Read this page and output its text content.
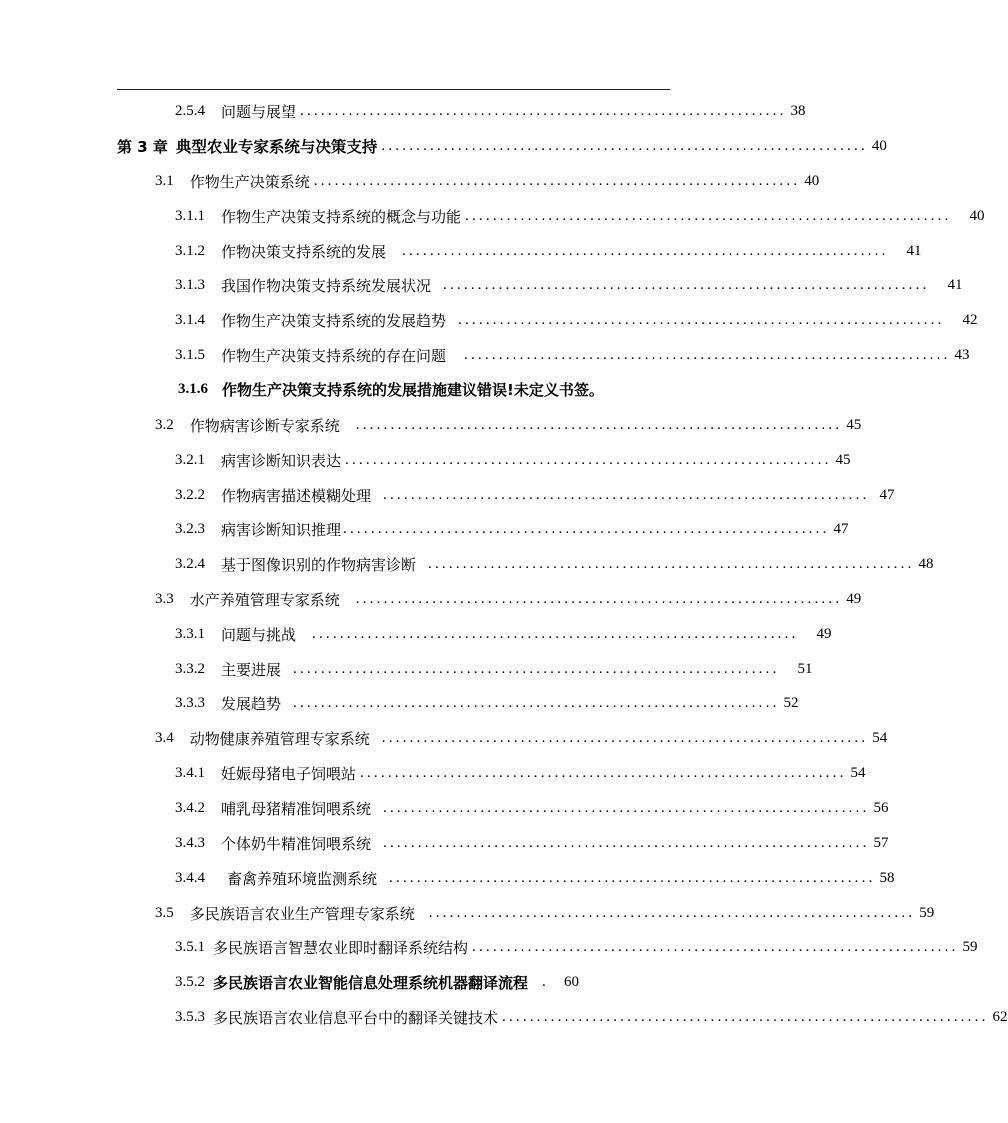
2.5.4 问题与展望 ...................................................................... 38
第 3 章 典型农业专家系统与决策支持 ...................................................................... 40
3.1 作物生产决策系统 ...................................................................... 40
3.1.1 作物生产决策支持系统的概念与功能 ...................................................................... 40
3.1.2 作物决策支持系统的发展 ...................................................................... 41
3.1.3 我国作物决策支持系统发展状况 ...................................................................... 41
3.1.4 作物生产决策支持系统的发展趋势 ...................................................................... 42
3.1.5 作物生产决策支持系统的存在问题 ...................................................................... 43
3.1.6 作物生产决策支持系统的发展措施建议错误!未定义书签。
3.2 作物病害诊断专家系统 ...................................................................... 45
3.2.1 病害诊断知识表达 ...................................................................... 45
3.2.2 作物病害描述模糊处理 ...................................................................... 47
3.2.3 病害诊断知识推理 ...................................................................... 47
3.2.4 基于图像识别的作物病害诊断 ...................................................................... 48
3.3 水产养殖管理专家系统 ...................................................................... 49
3.3.1 问题与挑战 ...................................................................... 49
3.3.2 主要进展 ...................................................................... 51
3.3.3 发展趋势 ...................................................................... 52
3.4 动物健康养殖管理专家系统 ...................................................................... 54
3.4.1 妊娠母猪电子饲喂站 ...................................................................... 54
3.4.2 哺乳母猪精准饲喂系统 ...................................................................... 56
3.4.3 个体奶牛精准饲喂系统 ...................................................................... 57
3.4.4 畜禽养殖环境监测系统 ...................................................................... 58
3.5 多民族语言农业生产管理专家系统 ...................................................................... 59
3.5.1 多民族语言智慧农业即时翻译系统结构 ...................................................................... 59
3.5.2 多民族语言农业智能信息处理系统机器翻译流程 . 60
3.5.3 多民族语言农业信息平台中的翻译关键技术 ...................................................................... 62
